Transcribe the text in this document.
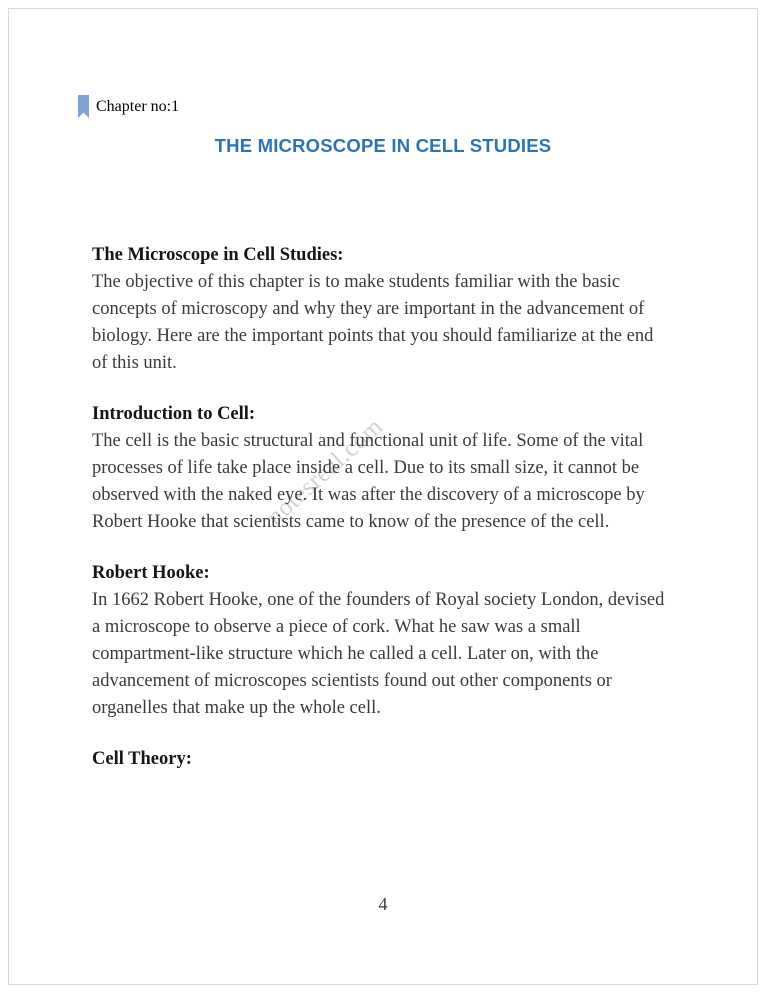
notesreal.com
Chapter no:1
THE MICROSCOPE IN CELL STUDIES

The Microscope in Cell Studies:

The objective of this chapter is to make students familiar with the basic concepts of microscopy and why they are important in the advancement of biology. Here are the important points that you should familiarize at the end of this unit.

Introduction to Cell:

The cell is the basic structural and functional unit of life. Some of the vital processes of life take place inside a cell. Due to its small size, it cannot be observed with the naked eye. It was after the discovery of a microscope by Robert Hooke that scientists came to know of the presence of the cell.

Robert Hooke:

In 1662 Robert Hooke, one of the founders of Royal society London, devised a microscope to observe a piece of cork. What he saw was a small compartment-like structure which he called a cell. Later on, with the advancement of microscopes scientists found out other components or organelles that make up the whole cell.

Cell Theory:

4
